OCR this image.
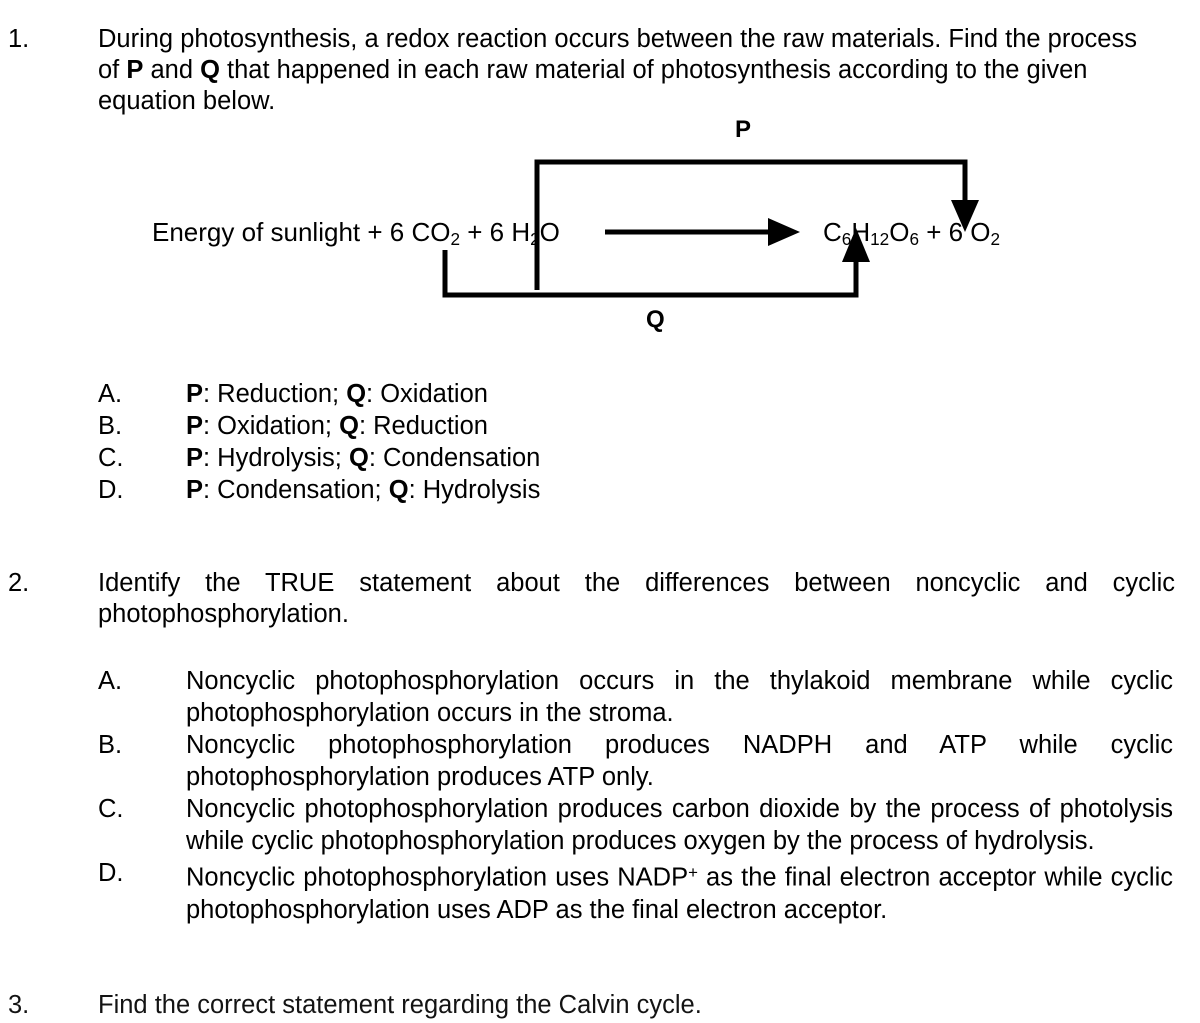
1.	During photosynthesis, a redox reaction occurs between the raw materials. Find the process of P and Q that happened in each raw material of photosynthesis according to the given equation below.
P
Q
Energy of sunlight + 6 $CO_2 + 6$ $H_2O$	$C_6H_{12}O_6 + 6$ $O_2$
A.	P: Reduction; Q: Oxidation
B.	P: Oxidation; Q: Reduction
C.	P: Hydrolysis; Q: Condensation
D.	P: Condensation; Q: Hydrolysis
2.	Identify the TRUE statement about the differences between noncyclic and cyclic photophosphorylation.
A.	Noncyclic photophosphorylation occurs in the thylakoid membrane while cyclic photophosphorylation occurs in the stroma.
B.	Noncyclic photophosphorylation produces NADPH and ATP while cyclic photophosphorylation produces ATP only.
C.	Noncyclic photophosphorylation produces carbon dioxide by the process of photolysis while cyclic photophosphorylation produces oxygen by the process of hydrolysis.
D.	Noncyclic photophosphorylation uses NADP+ as the final electron acceptor while cyclic photophosphorylation uses ADP as the final electron acceptor.
3.	Find the correct statement regarding the Calvin cycle.
